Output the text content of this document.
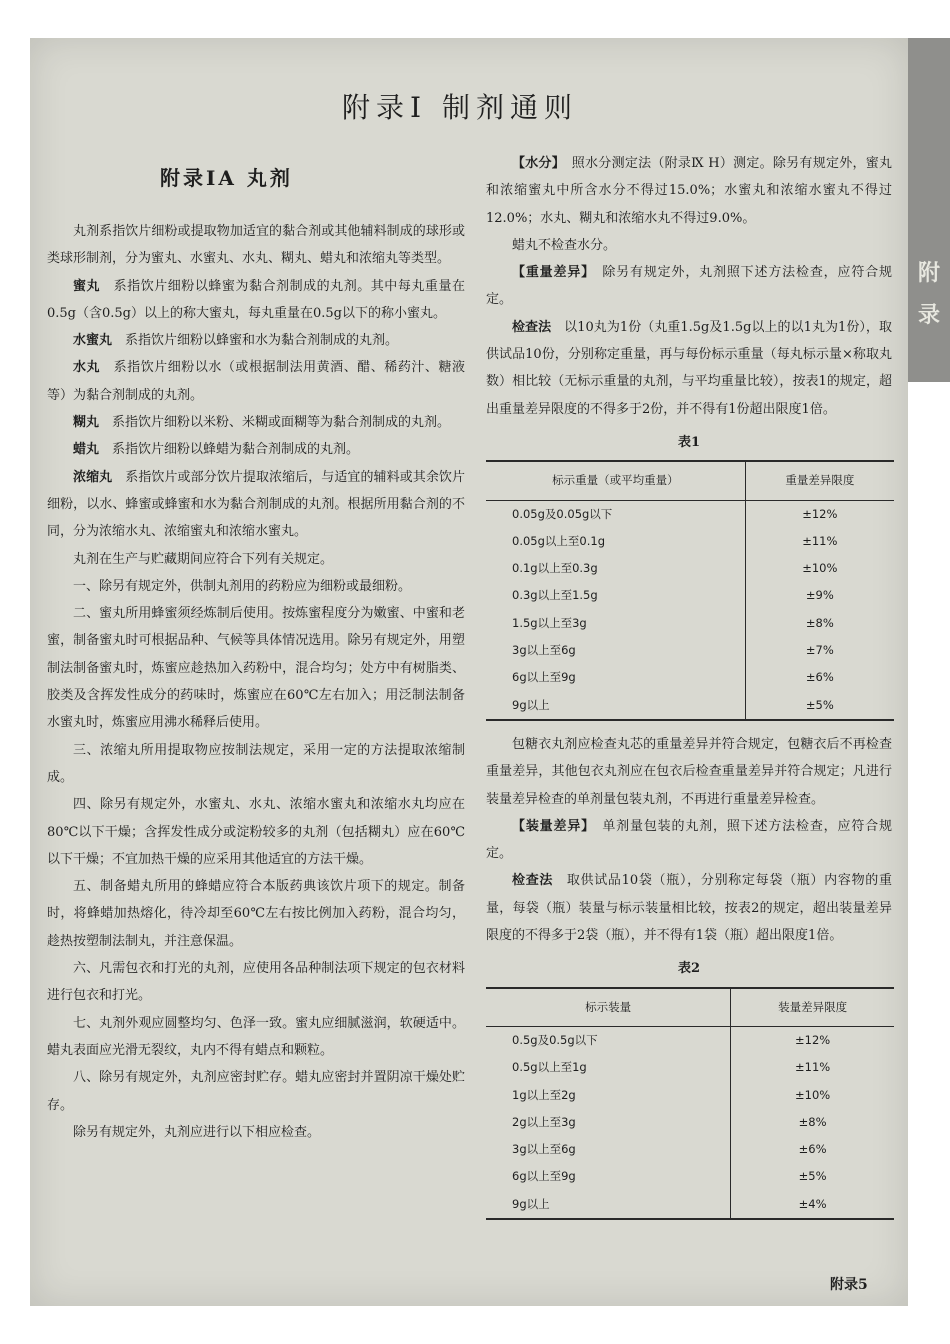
附
录
附录Ⅰ 制剂通则
附录ⅠA 丸剂

丸剂系指饮片细粉或提取物加适宜的黏合剂或其他辅料制成的球形或类球形制剂，分为蜜丸、水蜜丸、水丸、糊丸、蜡丸和浓缩丸等类型。

蜜丸　 系指饮片细粉以蜂蜜为黏合剂制成的丸剂。其中每丸重量在0.5g（含0.5g）以上的称大蜜丸，每丸重量在0.5g以下的称小蜜丸。

水蜜丸　 系指饮片细粉以蜂蜜和水为黏合剂制成的丸剂。

水丸　 系指饮片细粉以水（或根据制法用黄酒、醋、稀药汁、糖液等）为黏合剂制成的丸剂。

糊丸　 系指饮片细粉以米粉、米糊或面糊等为黏合剂制成的丸剂。

蜡丸　 系指饮片细粉以蜂蜡为黏合剂制成的丸剂。

浓缩丸　 系指饮片或部分饮片提取浓缩后，与适宜的辅料或其余饮片细粉，以水、蜂蜜或蜂蜜和水为黏合剂制成的丸剂。根据所用黏合剂的不同，分为浓缩水丸、浓缩蜜丸和浓缩水蜜丸。

丸剂在生产与贮藏期间应符合下列有关规定。

一、除另有规定外，供制丸剂用的药粉应为细粉或最细粉。

二、蜜丸所用蜂蜜须经炼制后使用。按炼蜜程度分为嫩蜜、中蜜和老蜜，制备蜜丸时可根据品种、气候等具体情况选用。除另有规定外，用塑制法制备蜜丸时，炼蜜应趁热加入药粉中，混合均匀；处方中有树脂类、胶类及含挥发性成分的药味时，炼蜜应在60℃左右加入；用泛制法制备水蜜丸时，炼蜜应用沸水稀释后使用。

三、浓缩丸所用提取物应按制法规定，采用一定的方法提取浓缩制成。

四、除另有规定外，水蜜丸、水丸、浓缩水蜜丸和浓缩水丸均应在80℃以下干燥；含挥发性成分或淀粉较多的丸剂（包括糊丸）应在60℃以下干燥；不宜加热干燥的应采用其他适宜的方法干燥。

五、制备蜡丸所用的蜂蜡应符合本版药典该饮片项下的规定。制备时，将蜂蜡加热熔化，待冷却至60℃左右按比例加入药粉，混合均匀，趁热按塑制法制丸，并注意保温。

六、凡需包衣和打光的丸剂，应使用各品种制法项下规定的包衣材料进行包衣和打光。

七、丸剂外观应圆整均匀、色泽一致。蜜丸应细腻滋润，软硬适中。蜡丸表面应光滑无裂纹，丸内不得有蜡点和颗粒。

八、除另有规定外，丸剂应密封贮存。蜡丸应密封并置阴凉干燥处贮存。

除另有规定外，丸剂应进行以下相应检查。

【水分】　 照水分测定法（附录Ⅸ H）测定。除另有规定外，蜜丸和浓缩蜜丸中所含水分不得过15.0%；水蜜丸和浓缩水蜜丸不得过12.0%；水丸、糊丸和浓缩水丸不得过9.0%。

蜡丸不检查水分。

【重量差异】　 除另有规定外，丸剂照下述方法检查，应符合规定。

检查法　 以10丸为1份（丸重1.5g及1.5g以上的以1丸为1份），取供试品10份，分别称定重量，再与每份标示重量（每丸标示量×称取丸数）相比较（无标示重量的丸剂，与平均重量比较），按表1的规定，超出重量差异限度的不得多于2份，并不得有1份超出限度1倍。

表1
标示重量（或平均重量）	重量差异限度
0.05g及0.05g以下	±12%
0.05g以上至0.1g	±11%
0.1g以上至0.3g	±10%
0.3g以上至1.5g	±9%
1.5g以上至3g	±8%
3g以上至6g	±7%
6g以上至9g	±6%
9g以上	±5%

包糖衣丸剂应检查丸芯的重量差异并符合规定，包糖衣后不再检查重量差异，其他包衣丸剂应在包衣后检查重量差异并符合规定；凡进行装量差异检查的单剂量包装丸剂，不再进行重量差异检查。

【装量差异】　 单剂量包装的丸剂，照下述方法检查，应符合规定。

检查法　 取供试品10袋（瓶），分别称定每袋（瓶）内容物的重量，每袋（瓶）装量与标示装量相比较，按表2的规定，超出装量差异限度的不得多于2袋（瓶），并不得有1袋（瓶）超出限度1倍。

表2
标示装量	装量差异限度
0.5g及0.5g以下	±12%
0.5g以上至1g	±11%
1g以上至2g	±10%
2g以上至3g	±8%
3g以上至6g	±6%
6g以上至9g	±5%
9g以上	±4%
附录5
